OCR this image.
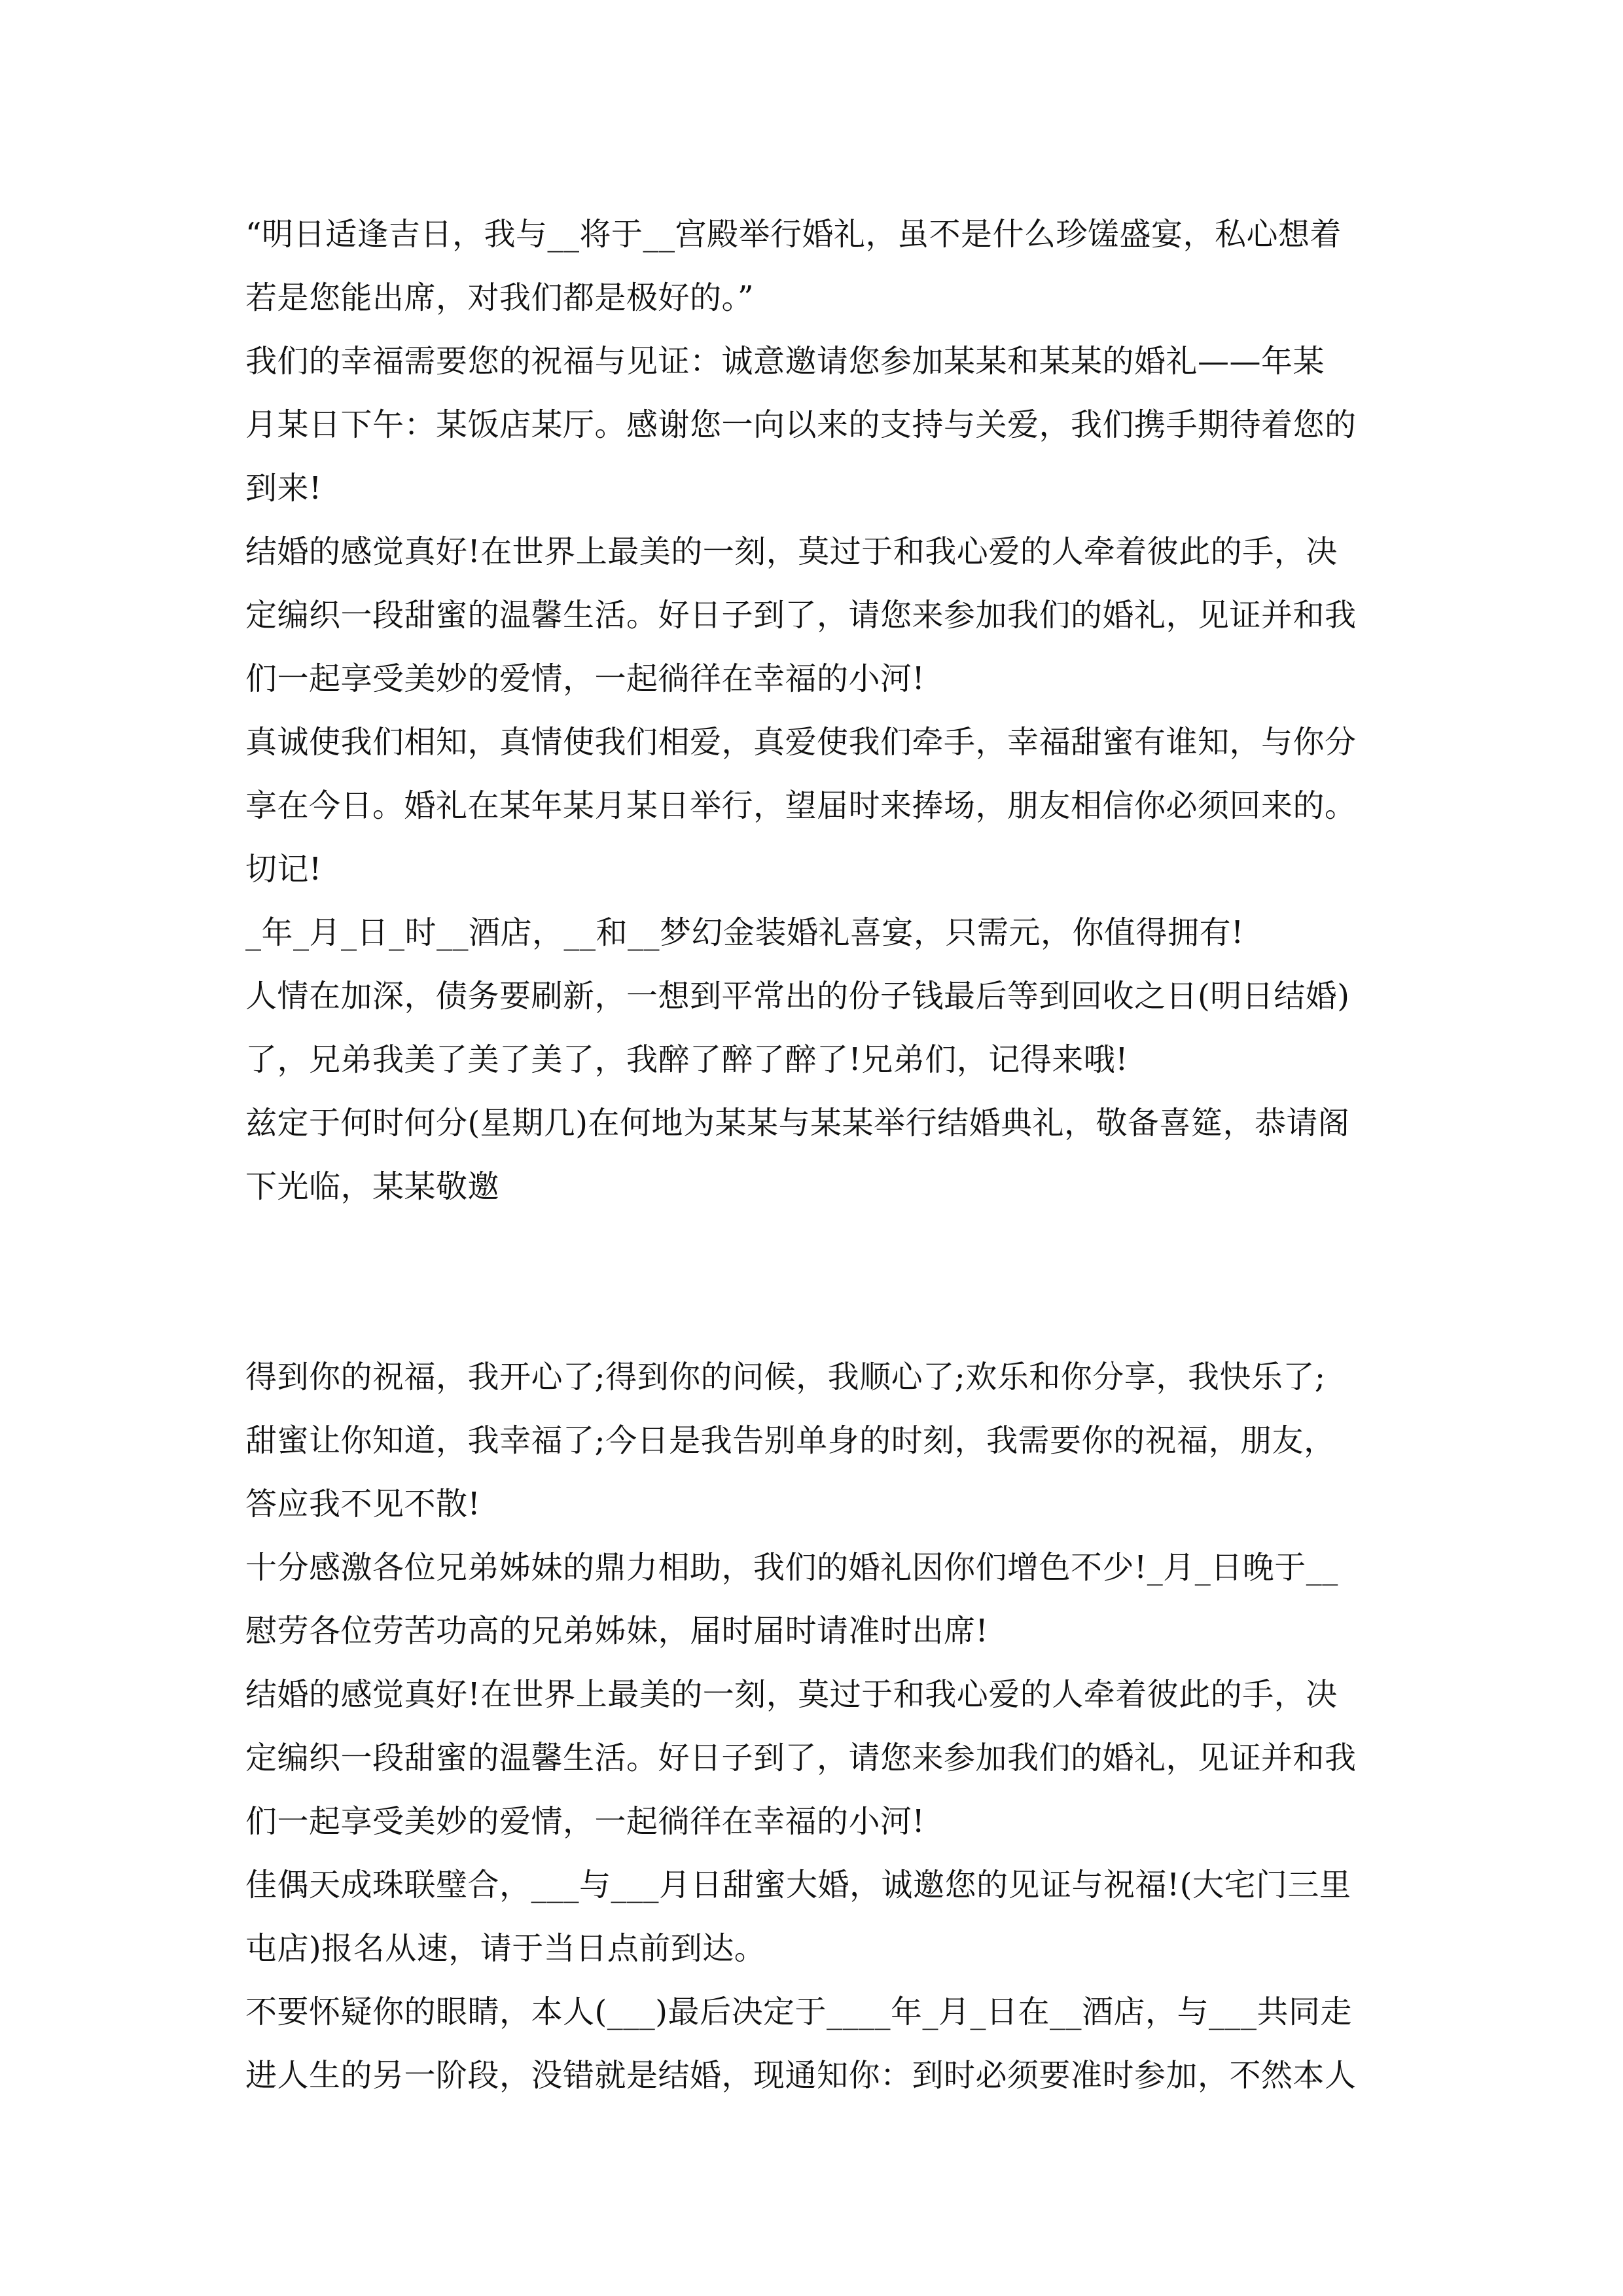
“明日适逢吉日，我与__将于__宫殿举行婚礼，虽不是什么珍馐盛宴，私心想着
若是您能出席，对我们都是极好的。”
我们的幸福需要您的祝福与见证：诚意邀请您参加某某和某某的婚礼——年某
月某日下午：某饭店某厅。感谢您一向以来的支持与关爱，我们携手期待着您的
到来!
结婚的感觉真好!在世界上最美的一刻，莫过于和我心爱的人牵着彼此的手，决
定编织一段甜蜜的温馨生活。好日子到了，请您来参加我们的婚礼，见证并和我
们一起享受美妙的爱情，一起徜徉在幸福的小河!
真诚使我们相知，真情使我们相爱，真爱使我们牵手，幸福甜蜜有谁知，与你分
享在今日。婚礼在某年某月某日举行，望届时来捧场，朋友相信你必须回来的。
切记!
_年_月_日_时__酒店，__和__梦幻金装婚礼喜宴，只需元，你值得拥有!
人情在加深，债务要刷新，一想到平常出的份子钱最后等到回收之日(明日结婚)
了，兄弟我美了美了美了，我醉了醉了醉了!兄弟们，记得来哦!
兹定于何时何分(星期几)在何地为某某与某某举行结婚典礼，敬备喜筵，恭请阁
下光临，某某敬邀
得到你的祝福，我开心了;得到你的问候，我顺心了;欢乐和你分享，我快乐了;
甜蜜让你知道，我幸福了;今日是我告别单身的时刻，我需要你的祝福，朋友，
答应我不见不散!
十分感激各位兄弟姊妹的鼎力相助，我们的婚礼因你们增色不少!_月_日晚于__
慰劳各位劳苦功高的兄弟姊妹，届时届时请准时出席!
结婚的感觉真好!在世界上最美的一刻，莫过于和我心爱的人牵着彼此的手，决
定编织一段甜蜜的温馨生活。好日子到了，请您来参加我们的婚礼，见证并和我
们一起享受美妙的爱情，一起徜徉在幸福的小河!
佳偶天成珠联璧合，___与___月日甜蜜大婚，诚邀您的见证与祝福!(大宅门三里
屯店)报名从速，请于当日点前到达。
不要怀疑你的眼睛，本人(___)最后决定于____年_月_日在__酒店，与___共同走
进人生的另一阶段，没错就是结婚，现通知你：到时必须要准时参加，不然本人
